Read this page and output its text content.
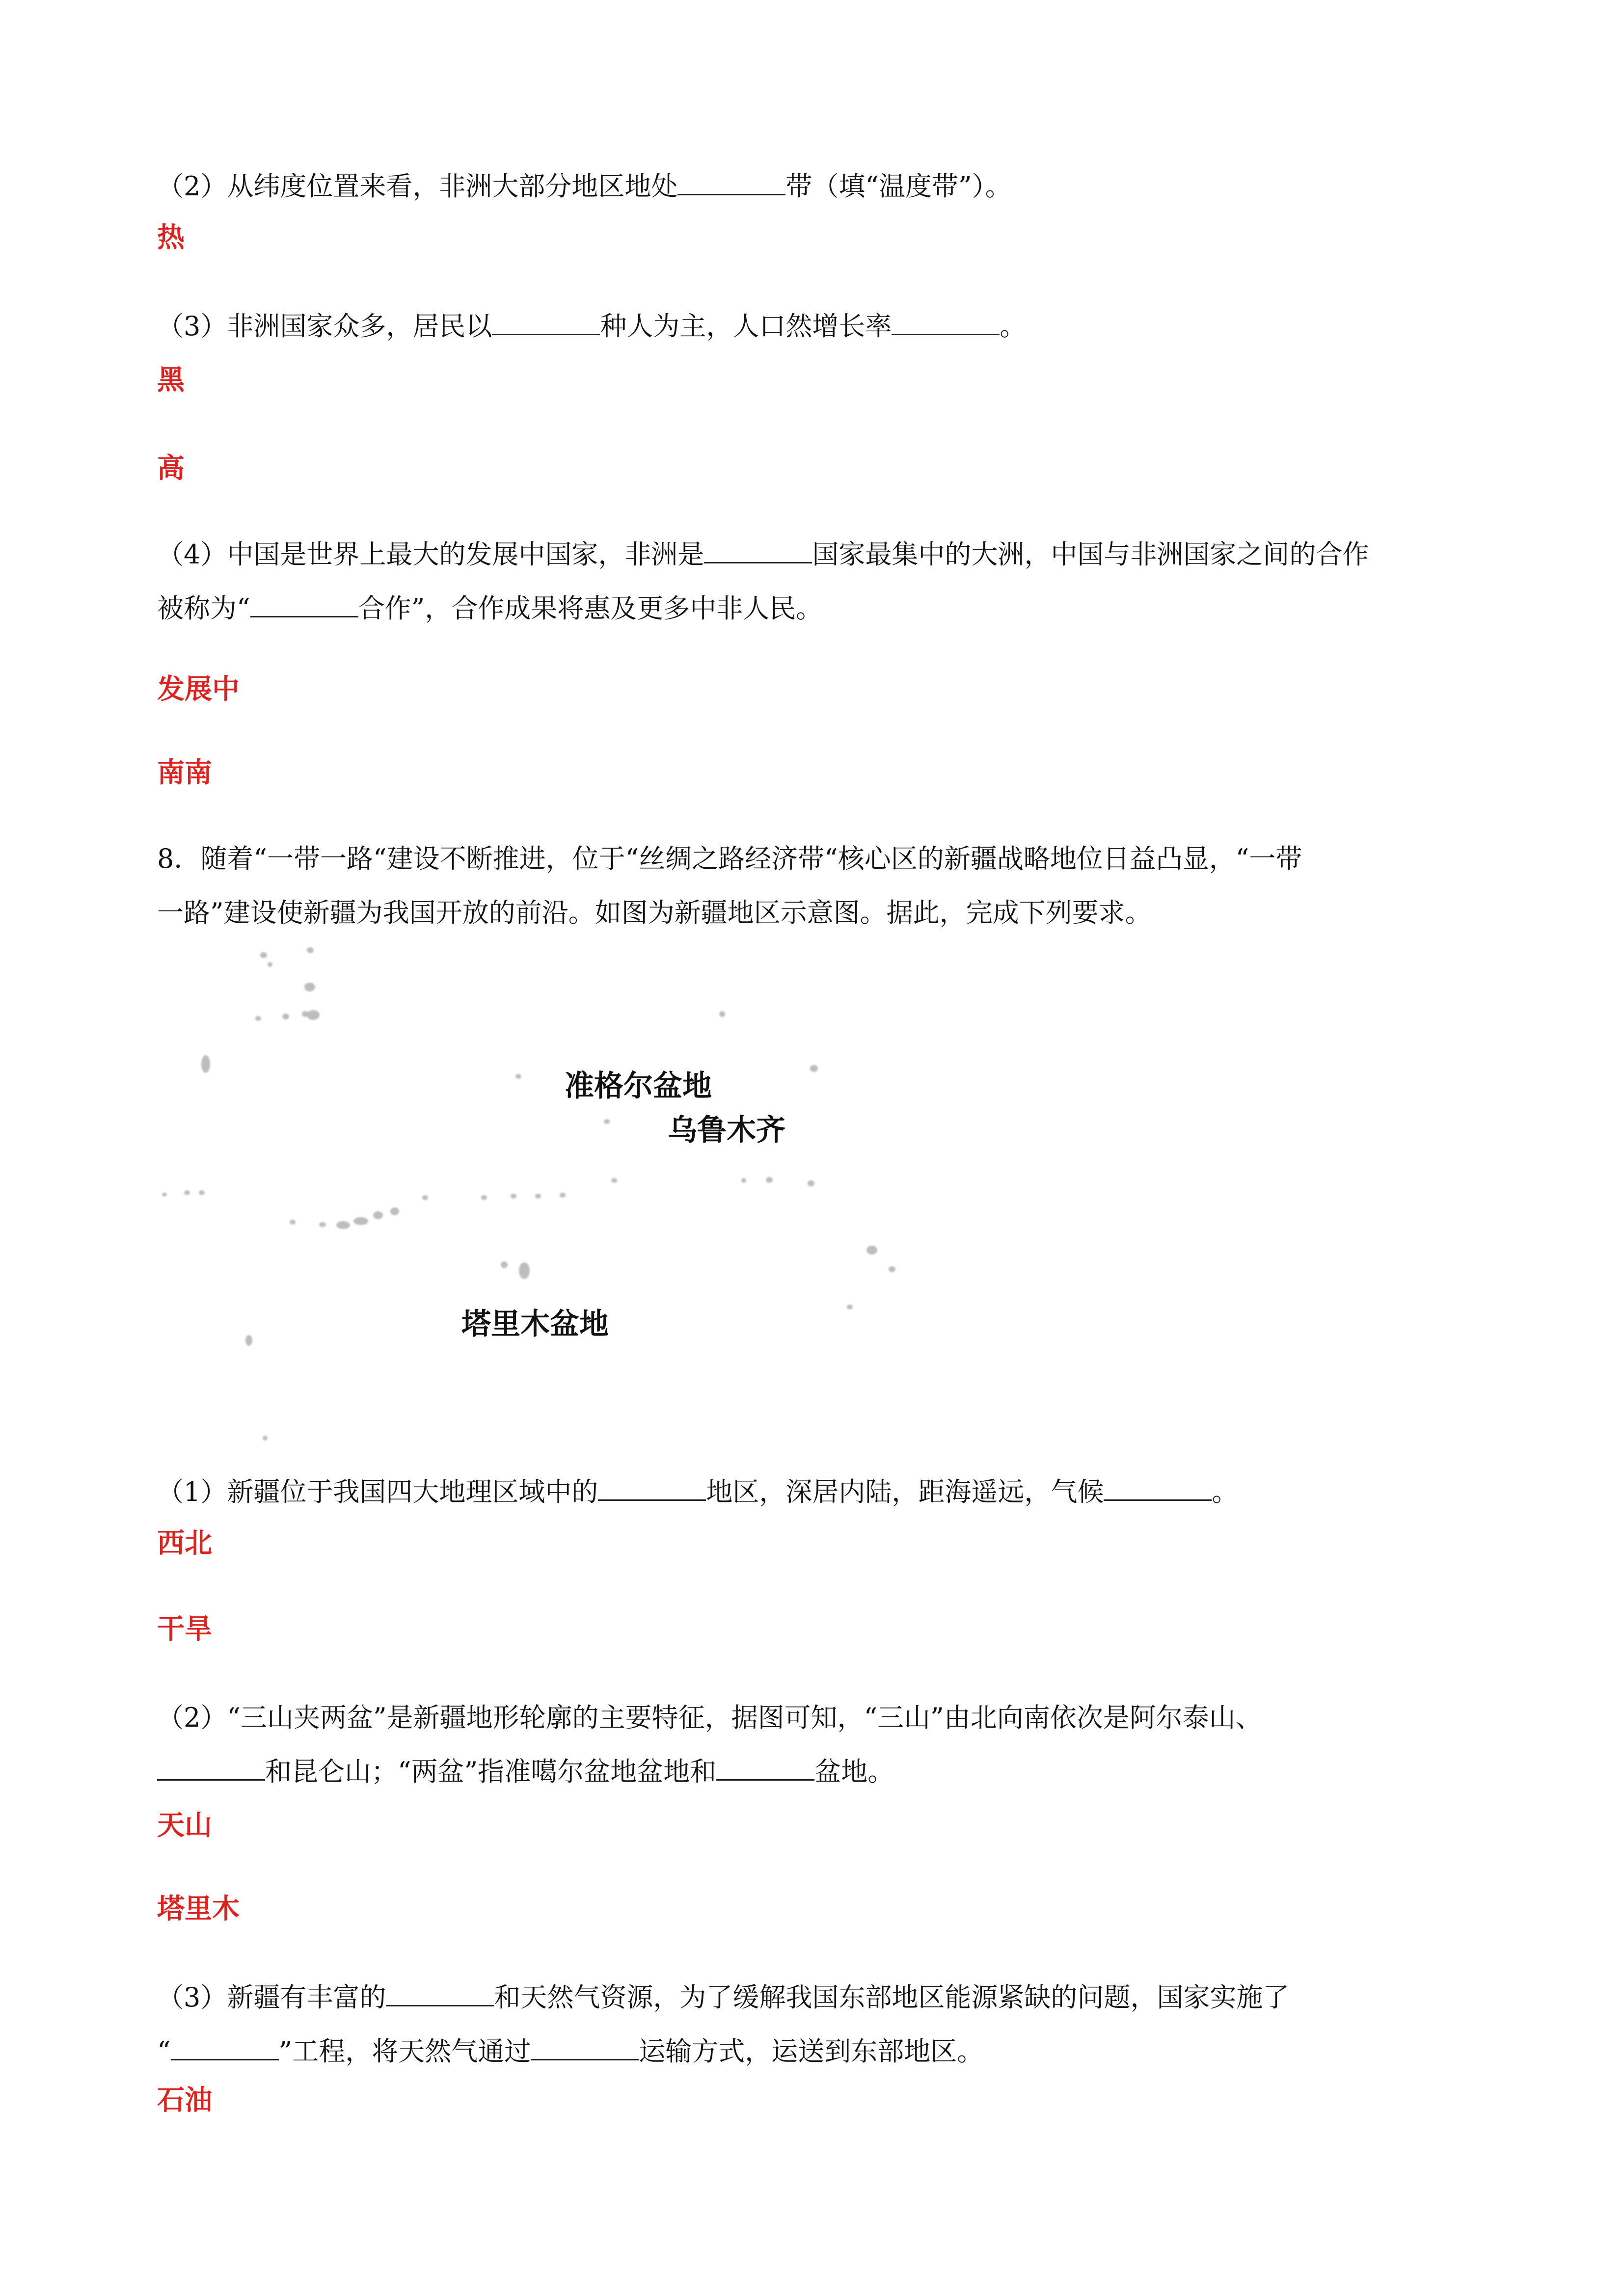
（2）从纬度位置来看，非洲大部分地区地处	带（填“温度带”）。

热

（3）非洲国家众多，居民以	种人为主，人口然增长率	。

黑

高

（4）中国是世界上最大的发展中国家，非洲是	国家最集中的大洲，中国与非洲国家之间的合作

被称为“	合作”，合作成果将惠及更多中非人民。

发展中

南南

8．随着“一带一路“建设不断推进，位于“丝绸之路经济带“核心区的新疆战略地位日益凸显，“一带

一路”建设使新疆为我国开放的前沿。如图为新疆地区示意图。据此，完成下列要求。

准格尔盆地
乌鲁木齐
塔里木盆地

（1）新疆位于我国四大地理区域中的	地区，深居内陆，距海遥远，气候	。

西北

干旱

（2）“三山夹两盆”是新疆地形轮廓的主要特征，据图可知，“三山”由北向南依次是阿尔泰山、

和昆仑山；“两盆”指准噶尔盆地盆地和	盆地。

天山

塔里木

（3）新疆有丰富的	和天然气资源，为了缓解我国东部地区能源紧缺的问题，国家实施了

“	”工程，将天然气通过	运输方式，运送到东部地区。

石油
